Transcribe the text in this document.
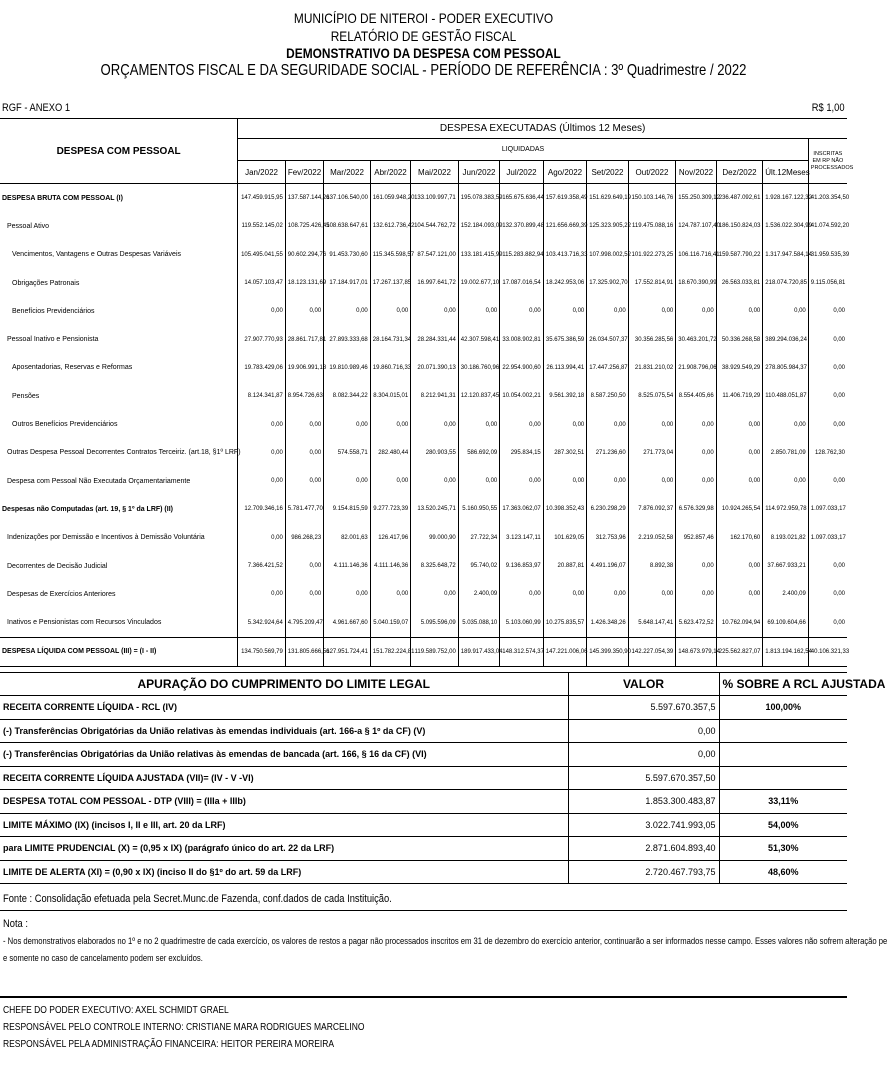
MUNICÍPIO DE NITEROI - PODER EXECUTIVO
RELATÓRIO DE GESTÃO FISCAL
DEMONSTRATIVO DA DESPESA COM PESSOAL
ORÇAMENTOS FISCAL E DA SEGURIDADE SOCIAL - PERÍODO DE REFERÊNCIA : 3º Quadrimestre / 2022
RGF - ANEXO 1	R$ 1,00
DESPESA COM PESSOAL	DESPESA EXECUTADAS (Últimos 12 Meses)													
	LIQUIDADAS													INSCRITAS EM RP NÃO PROCESSADOS
	Jan/2022	Fev/2022	Mar/2022	Abr/2022	Mai/2022	Jun/2022	Jul/2022	Ago/2022	Set/2022	Out/2022	Nov/2022	Dez/2022	Últ.12Meses	
DESPESA BRUTA COM PESSOAL (I)	147.459.915,95	137.587.144,26	137.106.540,00	161.059.948,20	133.109.997,71	195.078.383,59	165.675.636,44	157.619.358,49	151.629.649,19	150.103.146,76	155.250.309,12	236.487.092,61	1.928.167.122,32	41.203.354,50
Pessoal Ativo	119.552.145,02	108.725.426,45	108.638.647,61	132.612.736,42	104.544.762,72	152.184.093,09	132.370.899,48	121.656.669,39	125.323.905,22	119.475.088,16	124.787.107,40	186.150.824,03	1.536.022.304,99	41.074.592,20
Vencimentos, Vantagens e Outras Despesas Variáveis	105.495.041,55	90.602.294,76	91.453.730,60	115.345.598,57	87.547.121,00	133.181.415,99	115.283.882,94	103.413.716,33	107.998.002,52	101.922.273,25	106.116.716,41	159.587.790,22	1.317.947.584,14	31.959.535,39
Obrigações Patronais	14.057.103,47	18.123.131,69	17.184.917,01	17.267.137,85	16.997.641,72	19.002.677,10	17.087.016,54	18.242.953,06	17.325.902,70	17.552.814,91	18.670.390,99	26.563.033,81	218.074.720,85	9.115.056,81
Benefícios Previdenciários	0,00	0,00	0,00	0,00	0,00	0,00	0,00	0,00	0,00	0,00	0,00	0,00	0,00	0,00
Pessoal Inativo e Pensionista	27.907.770,93	28.861.717,81	27.893.333,68	28.164.731,34	28.284.331,44	42.307.598,41	33.008.902,81	35.675.386,59	26.034.507,37	30.356.285,56	30.463.201,72	50.336.268,58	389.294.036,24	0,00
Aposentadorias, Reservas e Reformas	19.783.429,06	19.906.991,18	19.810.989,46	19.860.716,33	20.071.390,13	30.186.760,96	22.954.900,60	26.113.994,41	17.447.256,87	21.831.210,02	21.908.796,06	38.929.549,29	278.805.984,37	0,00
Pensões	8.124.341,87	8.954.726,63	8.082.344,22	8.304.015,01	8.212.941,31	12.120.837,45	10.054.002,21	9.561.392,18	8.587.250,50	8.525.075,54	8.554.405,66	11.406.719,29	110.488.051,87	0,00
Outros Benefícios Previdenciários	0,00	0,00	0,00	0,00	0,00	0,00	0,00	0,00	0,00	0,00	0,00	0,00	0,00	0,00
Outras Despesa Pessoal Decorrentes Contratos Terceiriz. (art.18, §1º LRF)	0,00	0,00	574.558,71	282.480,44	280.903,55	586.692,09	295.834,15	287.302,51	271.236,60	271.773,04	0,00	0,00	2.850.781,09	128.762,30
Despesa com Pessoal Não Executada Orçamentariamente	0,00	0,00	0,00	0,00	0,00	0,00	0,00	0,00	0,00	0,00	0,00	0,00	0,00	0,00
Despesas não Computadas (art. 19, § 1º da LRF) (II)	12.709.346,16	5.781.477,70	9.154.815,59	9.277.723,39	13.520.245,71	5.160.950,55	17.363.062,07	10.398.352,43	6.230.298,29	7.876.092,37	6.576.329,98	10.924.265,54	114.972.959,78	1.097.033,17
Indenizações por Demissão e Incentivos à Demissão Voluntária	0,00	986.268,23	82.001,63	126.417,96	99.000,90	27.722,34	3.123.147,11	101.629,05	312.753,96	2.219.052,58	952.857,46	162.170,60	8.193.021,82	1.097.033,17
Decorrentes de Decisão Judicial	7.366.421,52	0,00	4.111.146,36	4.111.146,36	8.325.648,72	95.740,02	9.136.853,97	20.887,81	4.491.196,07	8.892,38	0,00	0,00	37.667.933,21	0,00
Despesas de Exercícios Anteriores	0,00	0,00	0,00	0,00	0,00	2.400,09	0,00	0,00	0,00	0,00	0,00	0,00	2.400,09	0,00
Inativos e Pensionistas com Recursos Vinculados	5.342.924,64	4.795.209,47	4.961.667,60	5.040.159,07	5.095.596,09	5.035.088,10	5.103.060,99	10.275.835,57	1.426.348,26	5.648.147,41	5.623.472,52	10.762.094,94	69.109.604,66	0,00
DESPESA LÍQUIDA COM PESSOAL (III) = (I - II)	134.750.569,79	131.805.666,56	127.951.724,41	151.782.224,81	119.589.752,00	189.917.433,04	148.312.574,37	147.221.006,06	145.399.350,90	142.227.054,39	148.673.979,14	225.562.827,07	1.813.194.162,54	40.106.321,33
APURAÇÃO DO CUMPRIMENTO DO LIMITE LEGAL	VALOR	% SOBRE A RCL AJUSTADA
RECEITA CORRENTE LÍQUIDA - RCL (IV)	5.597.670.357,5	100,00%
(-) Transferências Obrigatórias da União relativas às emendas individuais (art. 166-a § 1º da CF) (V)	0,00	
(-) Transferências Obrigatórias da União relativas às emendas de bancada (art. 166, § 16 da CF) (VI)	0,00	
RECEITA CORRENTE LÍQUIDA AJUSTADA (VII)= (IV - V -VI)	5.597.670.357,50	
DESPESA TOTAL COM PESSOAL - DTP (VIII) = (IIIa + IIIb)	1.853.300.483,87	33,11%
LIMITE MÁXIMO (IX) (incisos I, II e III, art. 20 da LRF)	3.022.741.993,05	54,00%
para LIMITE PRUDENCIAL (X) = (0,95 x IX) (parágrafo único do art. 22 da LRF)	2.871.604.893,40	51,30%
LIMITE DE ALERTA (XI) = (0,90 x IX) (inciso II do §1º do art. 59 da LRF)	2.720.467.793,75	48,60%
Fonte : Consolidação efetuada pela Secret.Munc.de Fazenda, conf.dados de cada Instituição.
Nota :
- Nos demonstrativos elaborados no 1º e no 2 quadrimestre de cada exercício, os valores de restos a pagar não processados inscritos em 31 de dezembro do exercício anterior, continuarão a ser informados nesse campo. Esses valores não sofrem alteração pe
e somente no caso de cancelamento podem ser excluídos.
CHEFE DO PODER EXECUTIVO: AXEL SCHMIDT GRAEL
RESPONSÁVEL PELO CONTROLE INTERNO: CRISTIANE MARA RODRIGUES MARCELINO
RESPONSÁVEL PELA ADMINISTRAÇÃO FINANCEIRA: HEITOR PEREIRA MOREIRA
